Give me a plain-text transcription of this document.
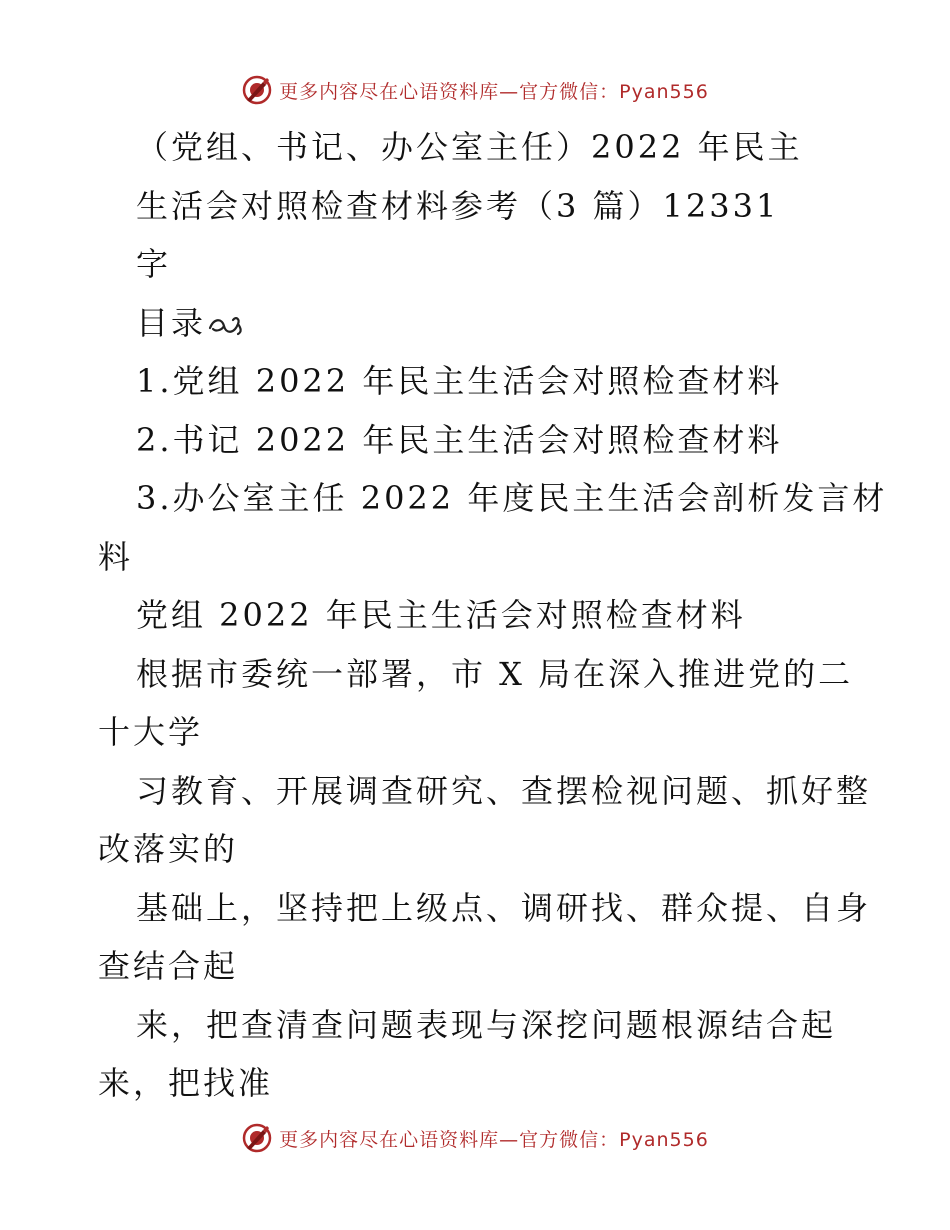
更多内容尽在心语资料库—官方微信：Pyan556
（党组、书记、办公室主任）2022 年民主
生活会对照检查材料参考（3 篇）12331
字
目录
1.党组 2022 年民主生活会对照检查材料
2.书记 2022 年民主生活会对照检查材料
3.办公室主任 2022 年度民主生活会剖析发言材
料
党组 2022 年民主生活会对照检查材料
根据市委统一部署，市 X 局在深入推进党的二
十大学
习教育、开展调查研究、查摆检视问题、抓好整
改落实的
基础上，坚持把上级点、调研找、群众提、自身
查结合起
来，把查清查问题表现与深挖问题根源结合起
来，把找准
更多内容尽在心语资料库—官方微信：Pyan556
